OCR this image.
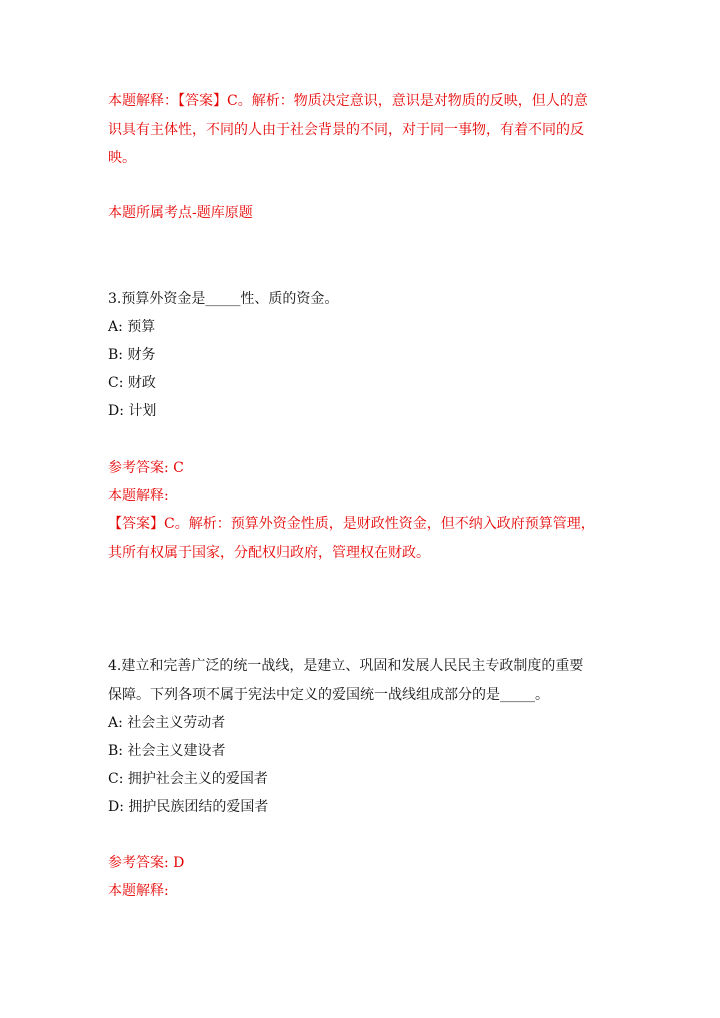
本题解释：【答案】C。解析：物质决定意识，意识是对物质的反映，但人的意
识具有主体性，不同的人由于社会背景的不同，对于同一事物，有着不同的反
映。
本题所属考点-题库原题
3.预算外资金是_____性、质的资金。
A: 预算
B: 财务
C: 财政
D: 计划
参考答案: C
本题解释:
【答案】C。解析：预算外资金性质，是财政性资金，但不纳入政府预算管理，
其所有权属于国家，分配权归政府，管理权在财政。
4.建立和完善广泛的统一战线，是建立、巩固和发展人民民主专政制度的重要
保障。下列各项不属于宪法中定义的爱国统一战线组成部分的是_____。
A: 社会主义劳动者
B: 社会主义建设者
C: 拥护社会主义的爱国者
D: 拥护民族团结的爱国者
参考答案: D
本题解释:
